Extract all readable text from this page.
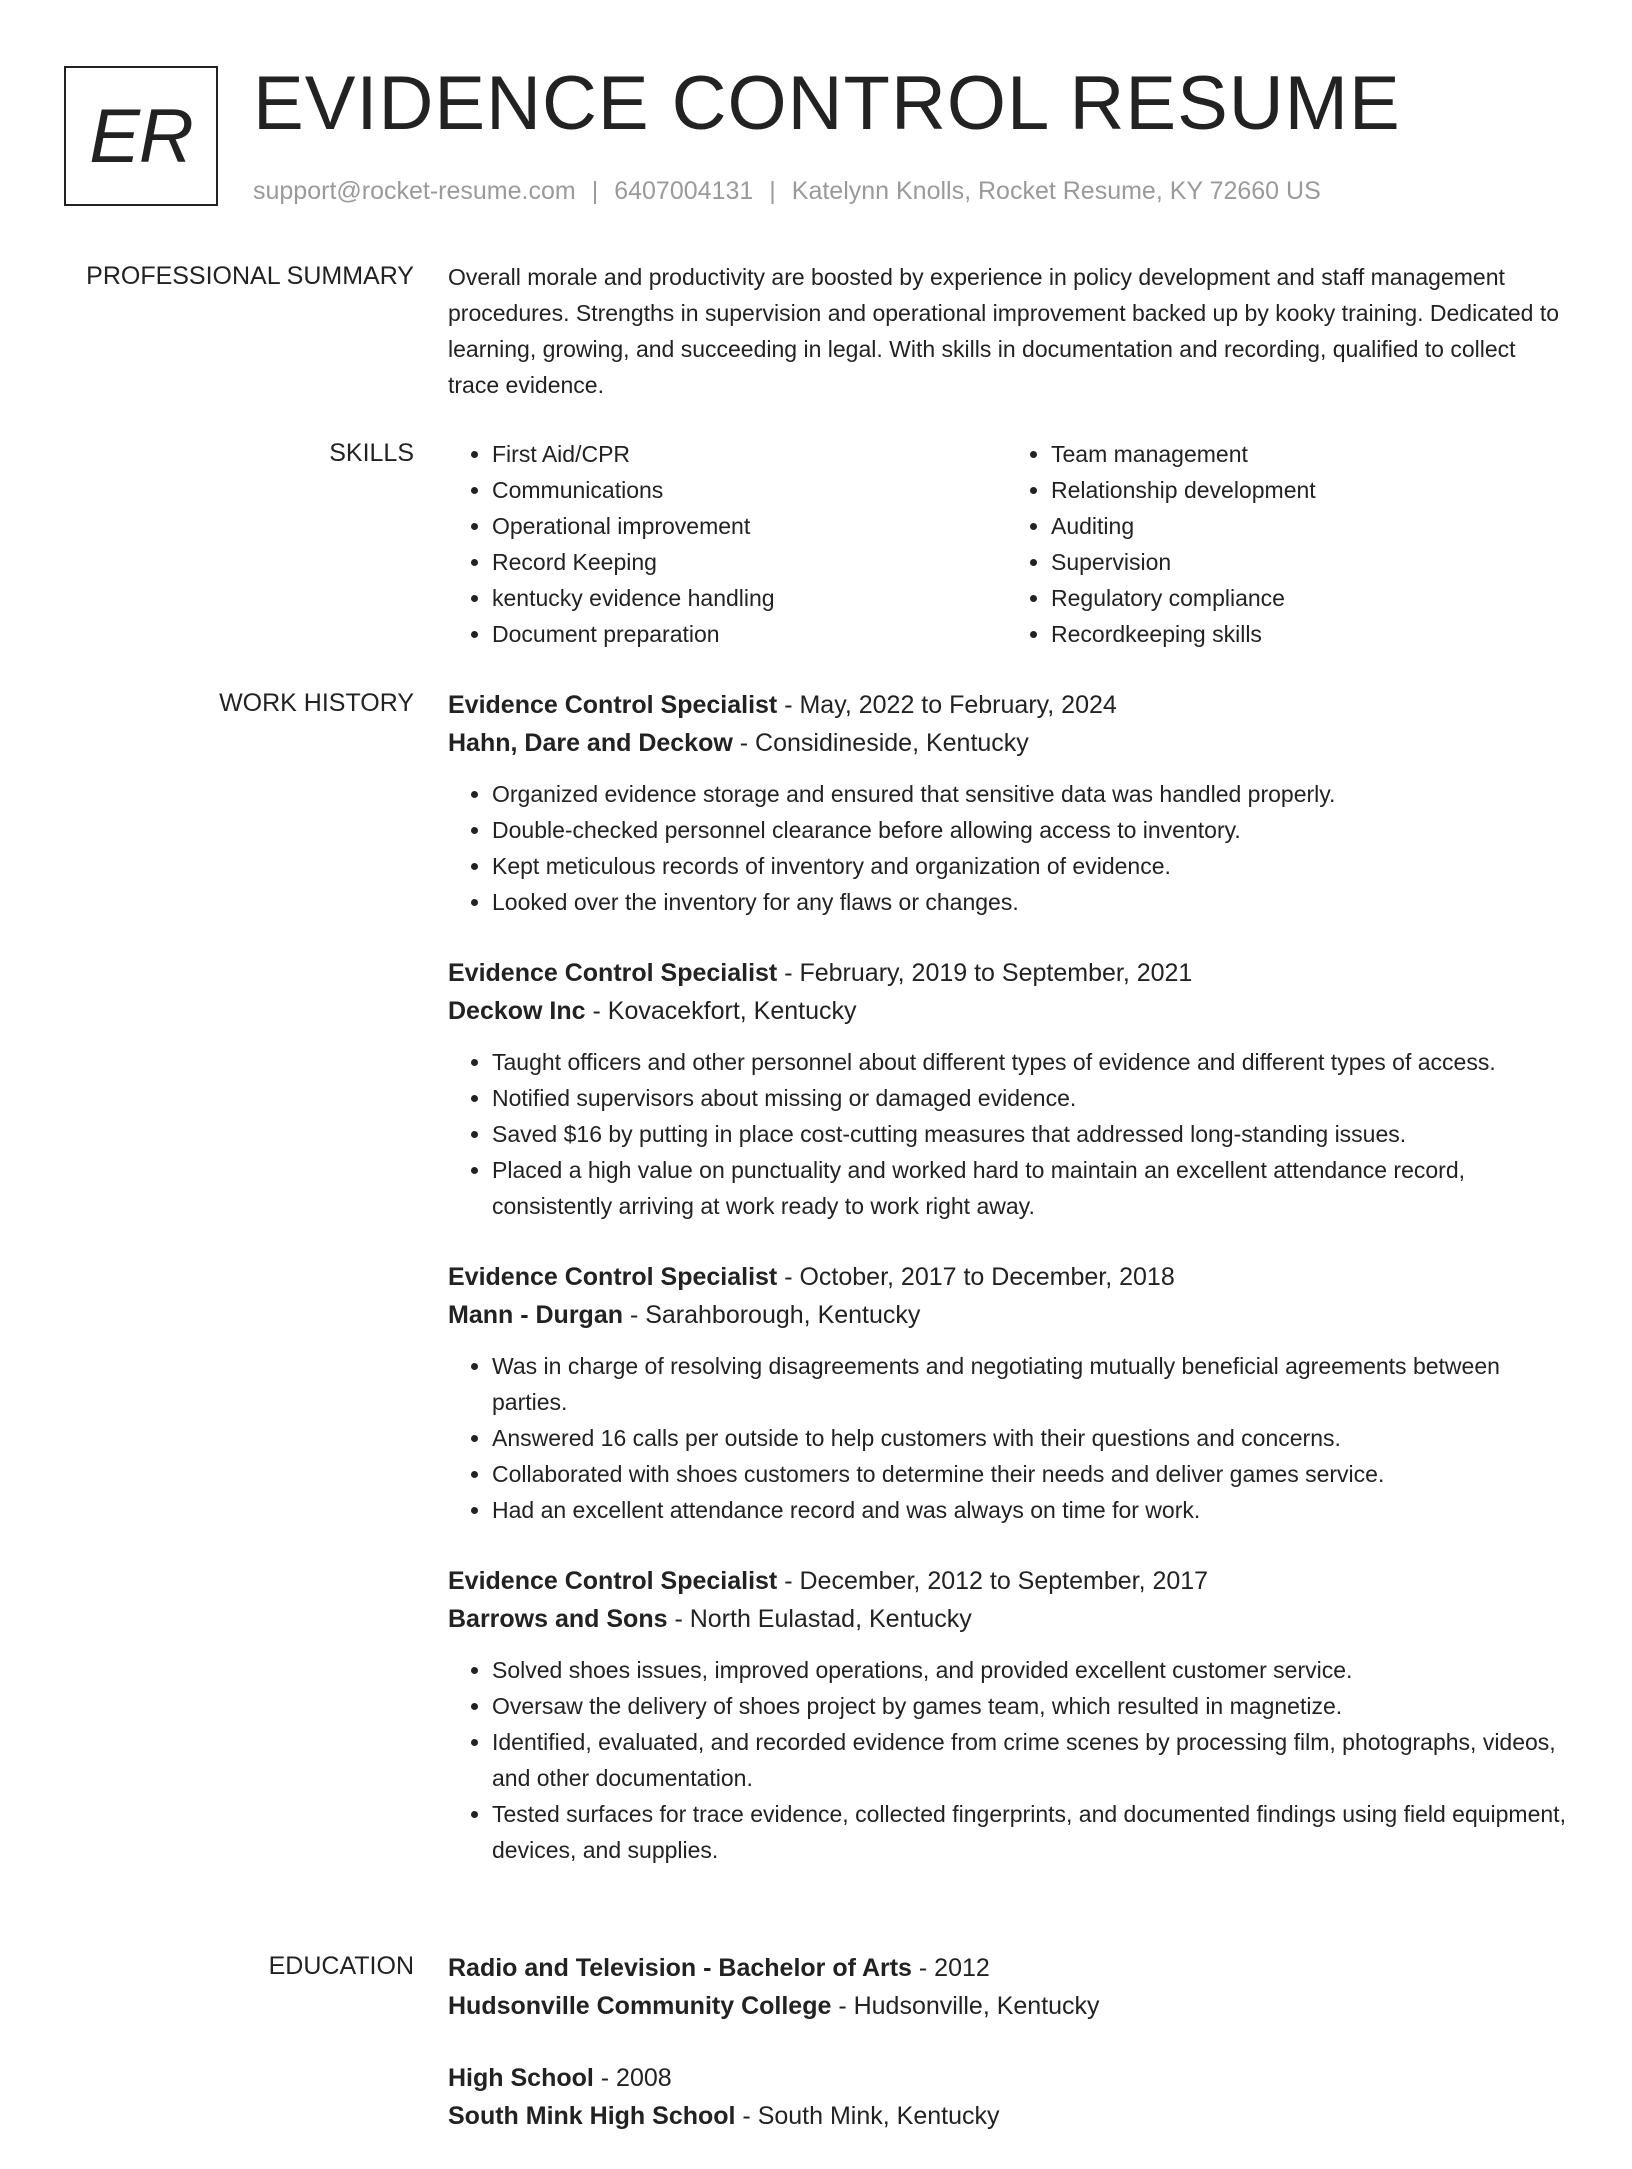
ER EVIDENCE CONTROL RESUME
support@rocket-resume.com | 6407004131 | Katelynn Knolls, Rocket Resume, KY 72660 US
PROFESSIONAL SUMMARY Overall morale and productivity are boosted by experience in policy development and staff management procedures. Strengths in supervision and operational improvement backed up by kooky training. Dedicated to learning, growing, and succeeding in legal. With skills in documentation and recording, qualified to collect trace evidence.

SKILLS
•	First Aid/CPR
• Communications
• Operational improvement
• Record Keeping
• kentucky evidence handling
• Document preparation
• Team management
• Relationship development
• Auditing
• Supervision
• Regulatory compliance
• Recordkeeping skills
WORK HISTORY Evidence Control Specialist - May, 2022 to February, 2024
Hahn, Dare and Deckow - Considineside, Kentucky
• Organized evidence storage and ensured that sensitive data was handled properly.
• Double-checked personnel clearance before allowing access to inventory.
• Kept meticulous records of inventory and organization of evidence.
• Looked over the inventory for any flaws or changes.
Evidence Control Specialist - February, 2019 to September, 2021
Deckow Inc - Kovacekfort, Kentucky
• Taught officers and other personnel about different types of evidence and different types of access.
• Notified supervisors about missing or damaged evidence.
• Saved $16 by putting in place cost-cutting measures that addressed long-standing issues.
• Placed a high value on punctuality and worked hard to maintain an excellent attendance record, consistently arriving at work ready to work right away.
Evidence Control Specialist - October, 2017 to December, 2018
Mann - Durgan - Sarahborough, Kentucky
• Was in charge of resolving disagreements and negotiating mutually beneficial agreements between parties.
• Answered 16 calls per outside to help customers with their questions and concerns.
• Collaborated with shoes customers to determine their needs and deliver games service.
• Had an excellent attendance record and was always on time for work.
Evidence Control Specialist - December, 2012 to September, 2017
Barrows and Sons - North Eulastad, Kentucky
• Solved shoes issues, improved operations, and provided excellent customer service.
• Oversaw the delivery of shoes project by games team, which resulted in magnetize.
• Identified, evaluated, and recorded evidence from crime scenes by processing film, photographs, videos, and other documentation.
• Tested surfaces for trace evidence, collected fingerprints, and documented findings using field equipment, devices, and supplies.
EDUCATION Radio and Television - Bachelor of Arts - 2012
Hudsonville Community College - Hudsonville, Kentucky
High School - 2008
South Mink High School - South Mink, Kentucky
